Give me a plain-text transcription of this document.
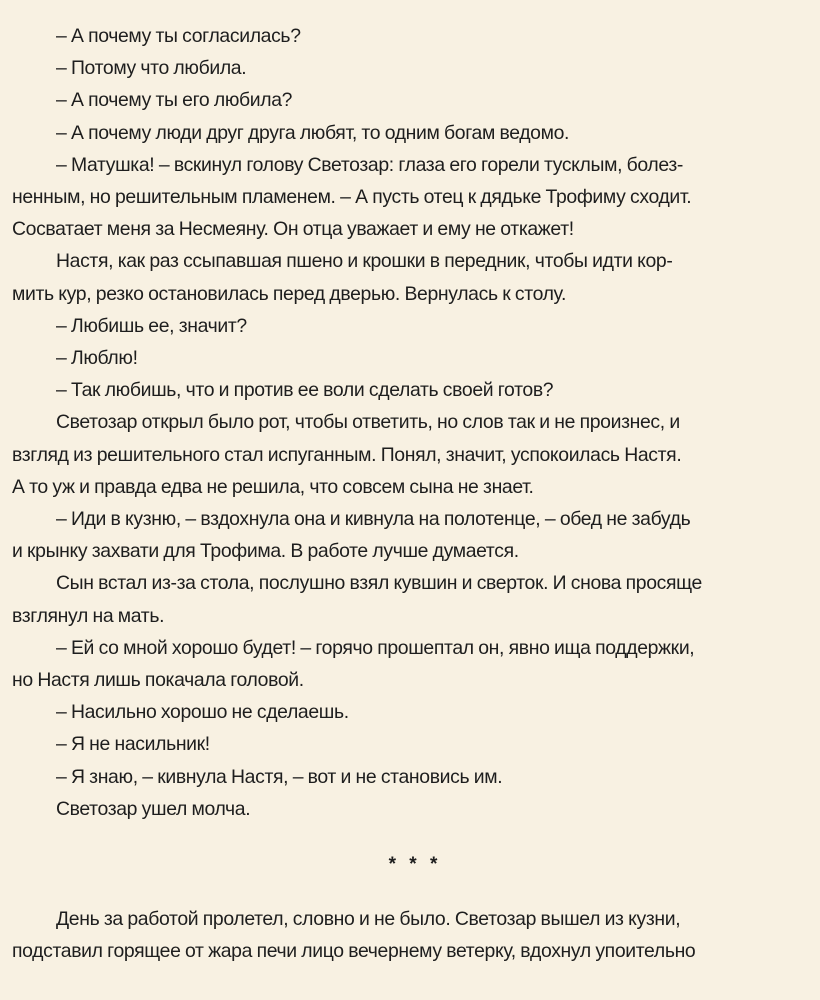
– А почему ты согласилась?
– Потому что любила.
– А почему ты его любила?
– А почему люди друг друга любят, то одним богам ведомо.
– Матушка! – вскинул голову Светозар: глаза его горели тусклым, болез-
ненным, но решительным пламенем. – А пусть отец к дядьке Трофиму сходит.
Сосватает меня за Несмеяну. Он отца уважает и ему не откажет!
Настя, как раз ссыпавшая пшено и крошки в передник, чтобы идти кор-
мить кур, резко остановилась перед дверью. Вернулась к столу.
– Любишь ее, значит?
– Люблю!
– Так любишь, что и против ее воли сделать своей готов?
Светозар открыл было рот, чтобы ответить, но слов так и не произнес, и
взгляд из решительного стал испуганным. Понял, значит, успокоилась Настя.
А то уж и правда едва не решила, что совсем сына не знает.
– Иди в кузню, – вздохнула она и кивнула на полотенце, – обед не забудь
и крынку захвати для Трофима. В работе лучше думается.
Сын встал из-за стола, послушно взял кувшин и сверток. И снова просяще
взглянул на мать.
– Ей со мной хорошо будет! – горячо прошептал он, явно ища поддержки,
но Настя лишь покачала головой.
– Насильно хорошо не сделаешь.
– Я не насильник!
– Я знаю, – кивнула Настя, – вот и не становись им.
Светозар ушел молча.
* * *
День за работой пролетел, словно и не было. Светозар вышел из кузни,
подставил горящее от жара печи лицо вечернему ветерку, вдохнул упоительно
